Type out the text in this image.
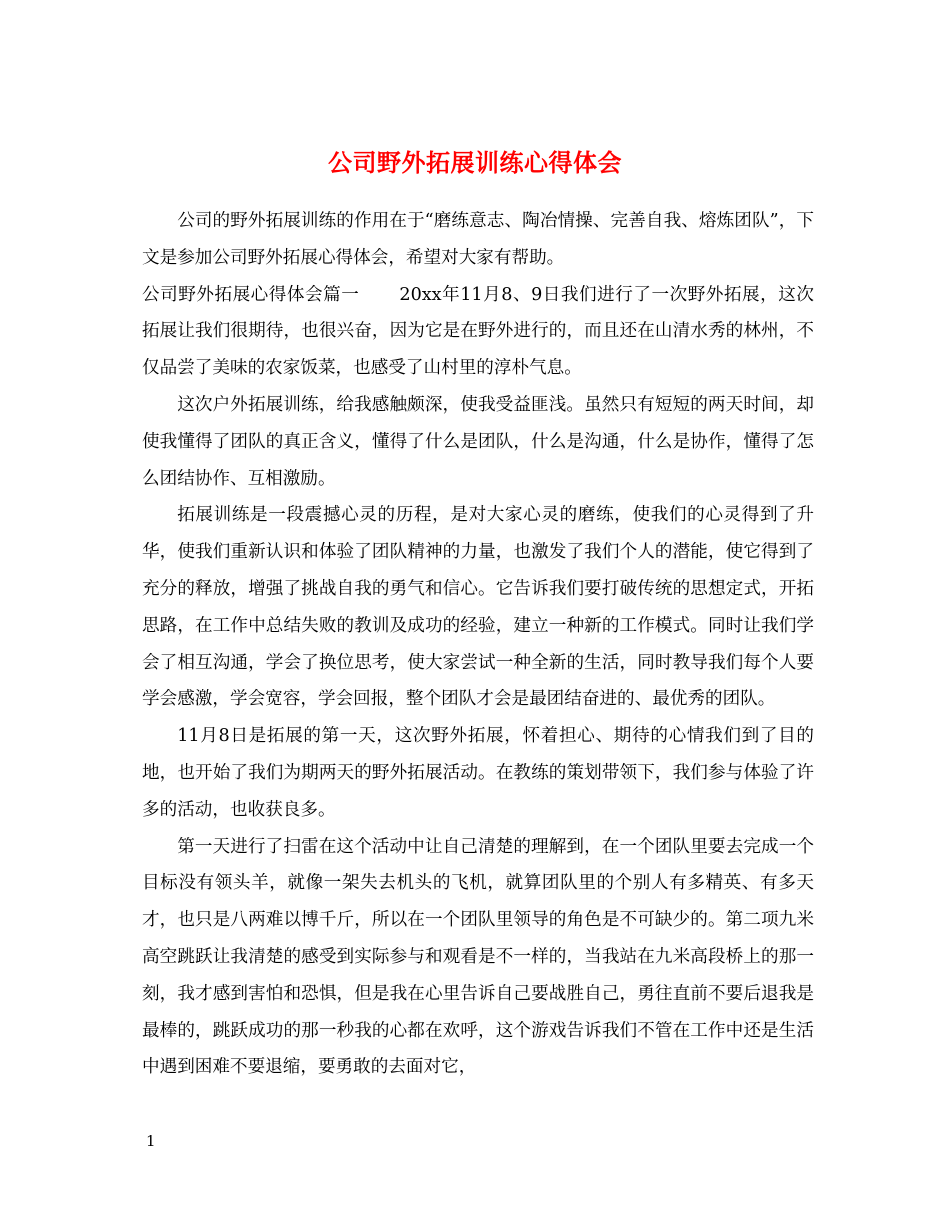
公司野外拓展训练心得体会

公司的野外拓展训练的作用在于“磨练意志、陶冶情操、完善自我、熔炼团队”，下文是参加公司野外拓展心得体会，希望对大家有帮助。

公司野外拓展心得体会篇一 20xx年11月8、9日我们进行了一次野外拓展，这次拓展让我们很期待，也很兴奋，因为它是在野外进行的，而且还在山清水秀的林州，不仅品尝了美味的农家饭菜，也感受了山村里的淳朴气息。

这次户外拓展训练，给我感触颇深，使我受益匪浅。虽然只有短短的两天时间，却使我懂得了团队的真正含义，懂得了什么是团队，什么是沟通，什么是协作，懂得了怎么团结协作、互相激励。

拓展训练是一段震撼心灵的历程，是对大家心灵的磨练，使我们的心灵得到了升华，使我们重新认识和体验了团队精神的力量，也激发了我们个人的潜能，使它得到了充分的释放，增强了挑战自我的勇气和信心。它告诉我们要打破传统的思想定式，开拓思路，在工作中总结失败的教训及成功的经验，建立一种新的工作模式。同时让我们学会了相互沟通，学会了换位思考，使大家尝试一种全新的生活，同时教导我们每个人要学会感激，学会宽容，学会回报，整个团队才会是最团结奋进的、最优秀的团队。

11月8日是拓展的第一天，这次野外拓展，怀着担心、期待的心情我们到了目的地，也开始了我们为期两天的野外拓展活动。在教练的策划带领下，我们参与体验了许多的活动，也收获良多。

第一天进行了扫雷在这个活动中让自己清楚的理解到，在一个团队里要去完成一个目标没有领头羊，就像一架失去机头的飞机，就算团队里的个别人有多精英、有多天才，也只是八两难以博千斤，所以在一个团队里领导的角色是不可缺少的。第二项九米高空跳跃让我清楚的感受到实际参与和观看是不一样的，当我站在九米高段桥上的那一刻，我才感到害怕和恐惧，但是我在心里告诉自己要战胜自己，勇往直前不要后退我是最棒的，跳跃成功的那一秒我的心都在欢呼，这个游戏告诉我们不管在工作中还是生活中遇到困难不要退缩，要勇敢的去面对它，

1
